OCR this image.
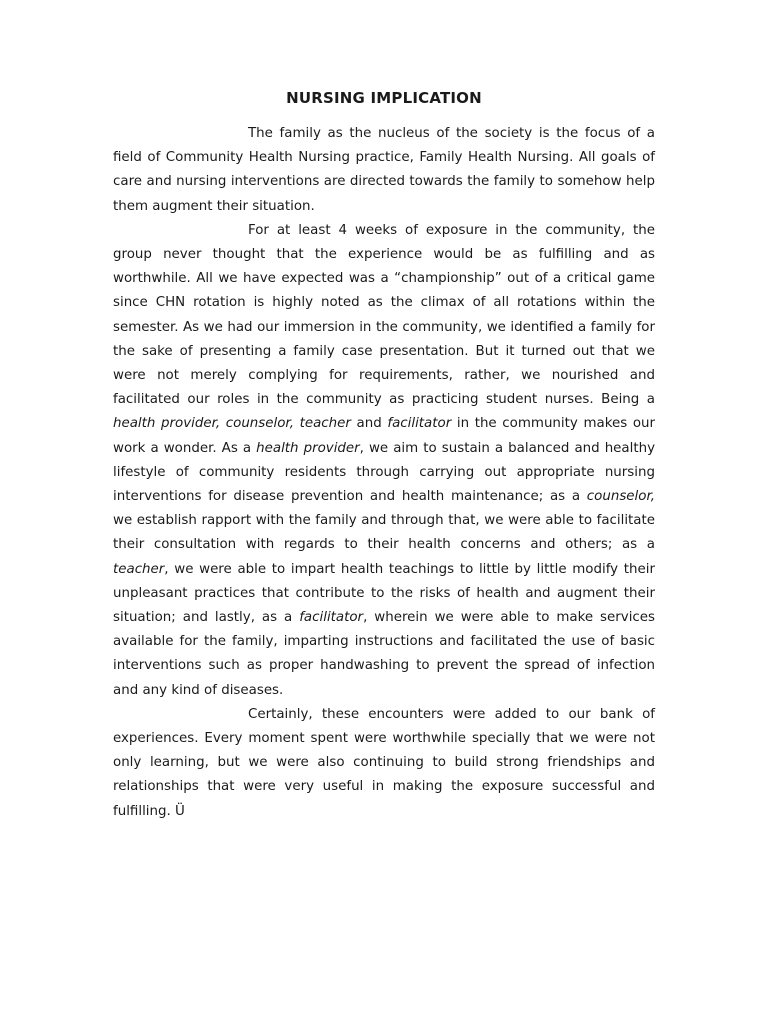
NURSING IMPLICATION

The family as the nucleus of the society is the focus of a field of Community Health Nursing practice, Family Health Nursing. All goals of care and nursing interventions are directed towards the family to somehow help them augment their situation.

For at least 4 weeks of exposure in the community, the group never thought that the experience would be as fulfilling and as worthwhile. All we have expected was a “championship” out of a critical game since CHN rotation is highly noted as the climax of all rotations within the semester. As we had our immersion in the community, we identified a family for the sake of presenting a family case presentation. But it turned out that we were not merely complying for requirements, rather, we nourished and facilitated our roles in the community as practicing student nurses. Being a health provider, counselor, teacher and facilitator in the community makes our work a wonder. As a health provider, we aim to sustain a balanced and healthy lifestyle of community residents through carrying out appropriate nursing interventions for disease prevention and health maintenance; as a counselor, we establish rapport with the family and through that, we were able to facilitate their consultation with regards to their health concerns and others; as a teacher, we were able to impart health teachings to little by little modify their unpleasant practices that contribute to the risks of health and augment their situation; and lastly, as a facilitator, wherein we were able to make services available for the family, imparting instructions and facilitated the use of basic interventions such as proper handwashing to prevent the spread of infection and any kind of diseases.

Certainly, these encounters were added to our bank of experiences. Every moment spent were worthwhile specially that we were not only learning, but we were also continuing to build strong friendships and relationships that were very useful in making the exposure successful and fulfilling. Ü
